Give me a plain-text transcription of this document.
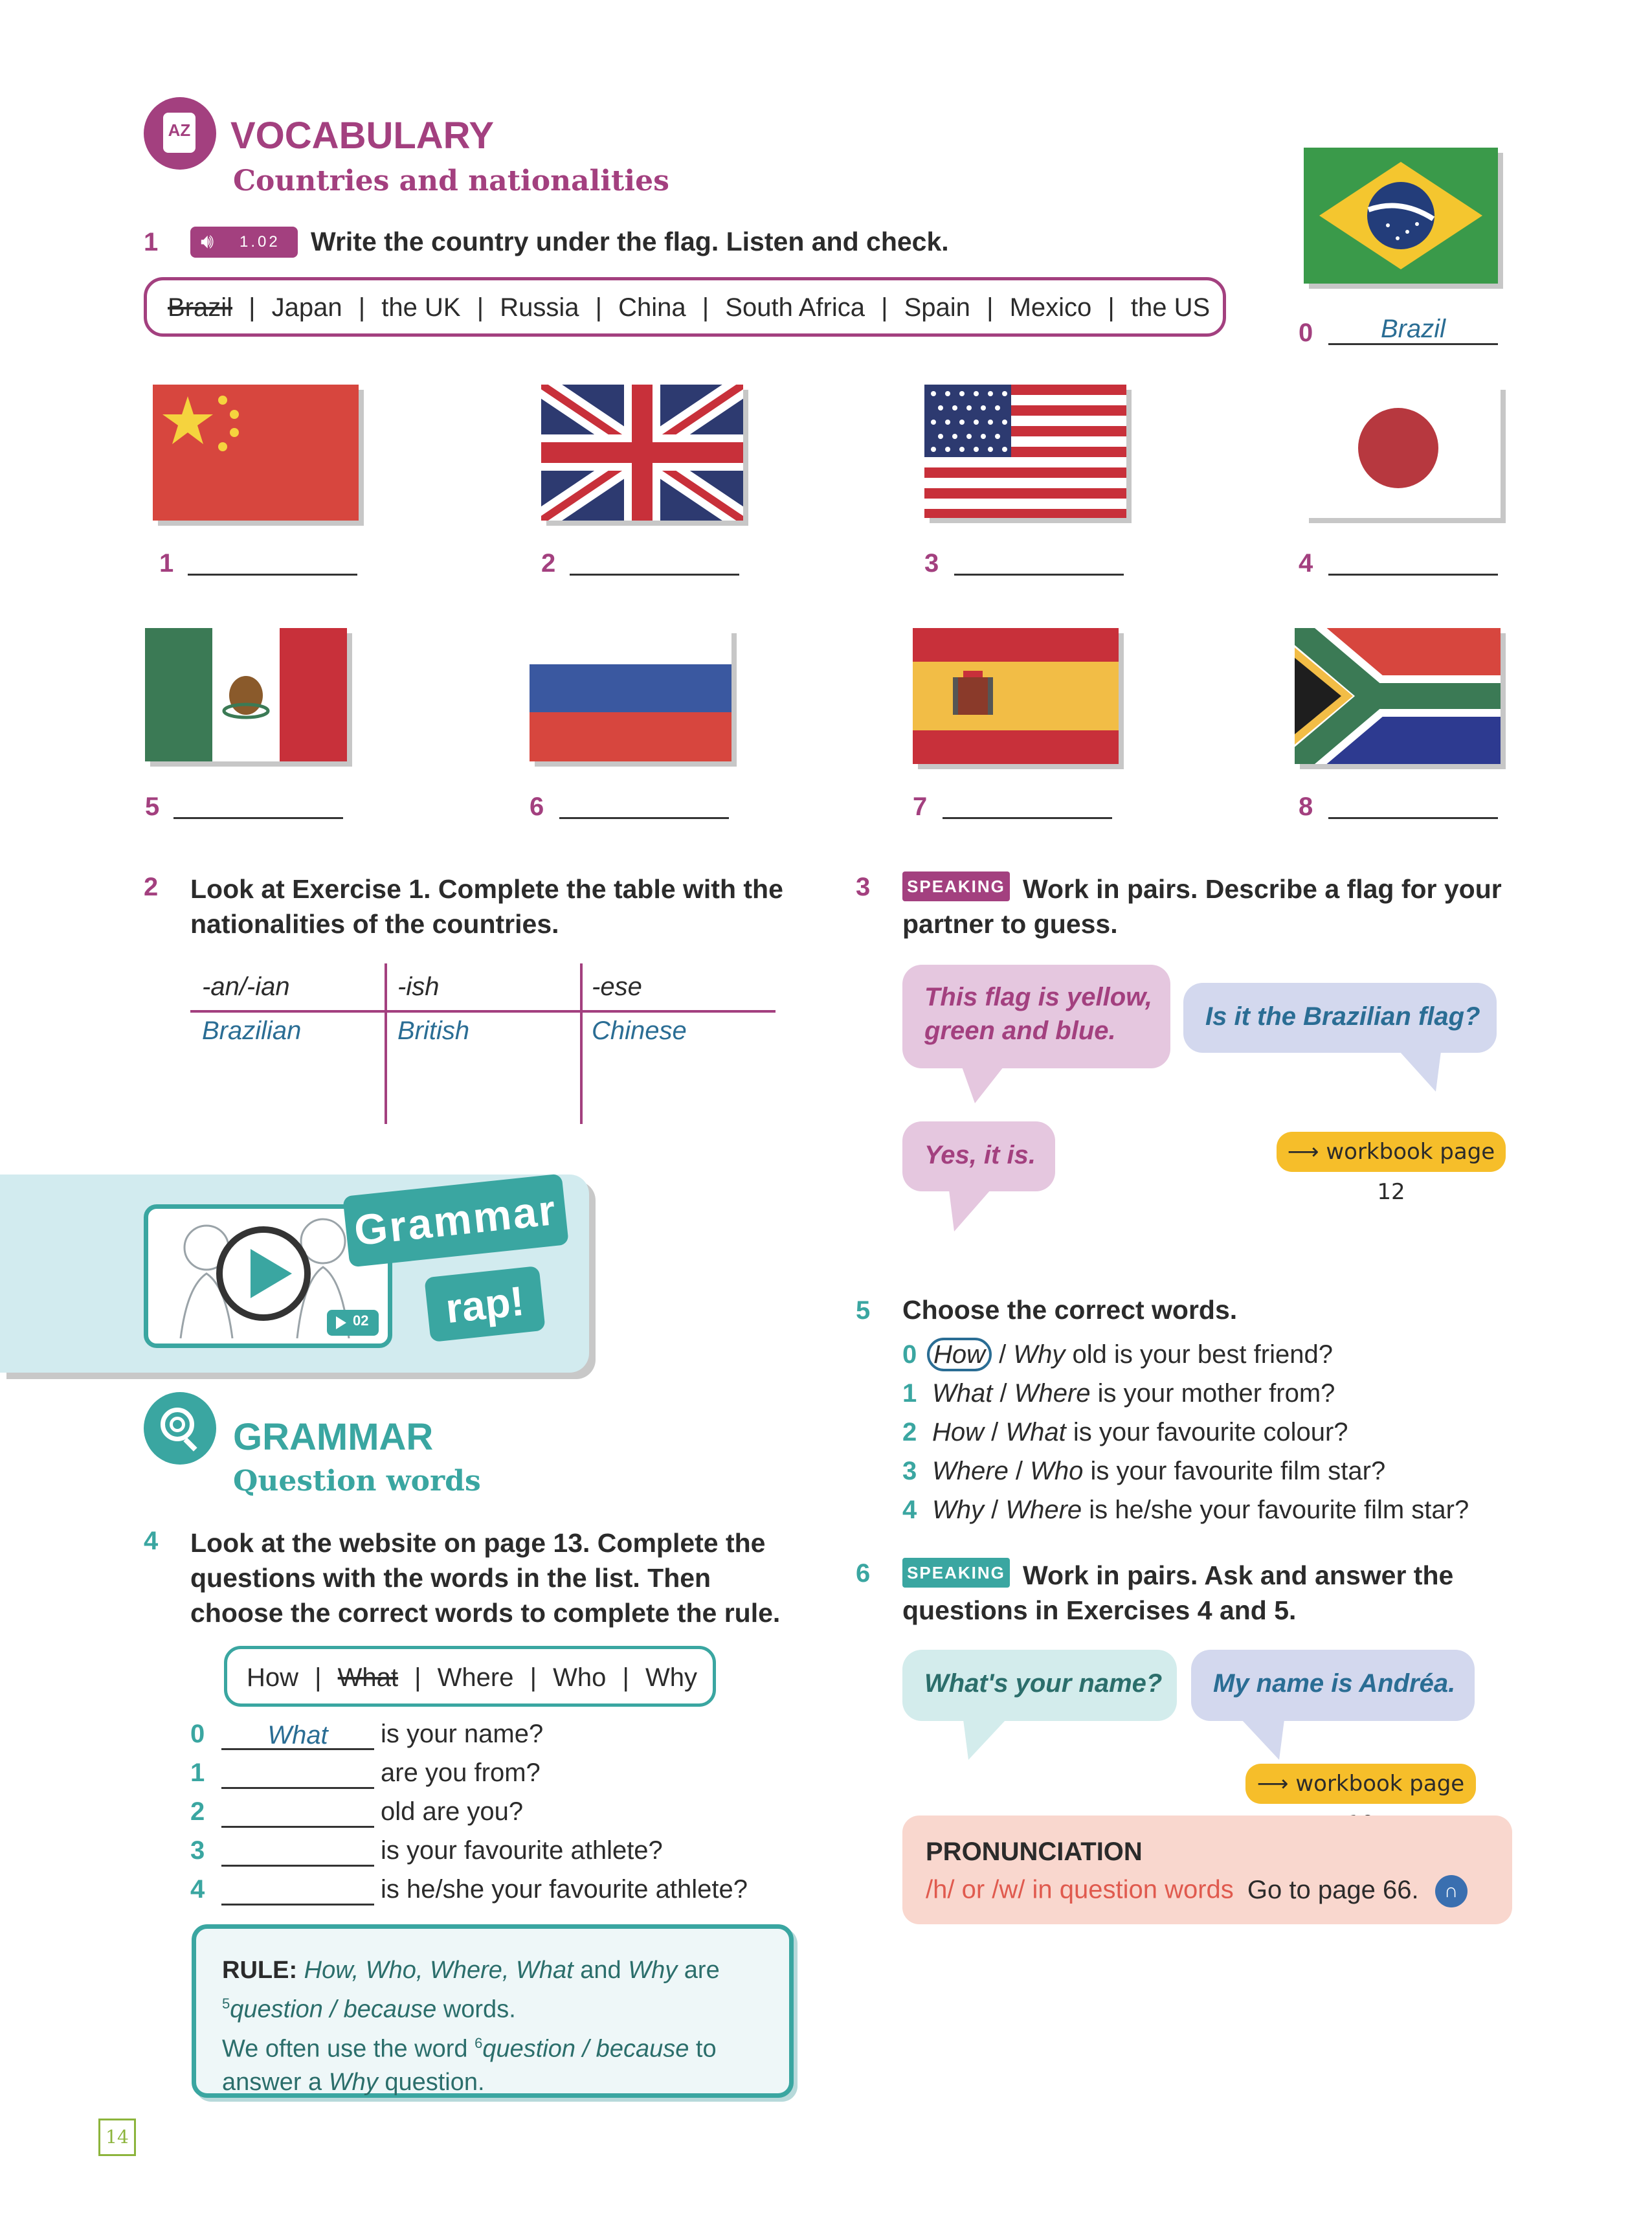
AZ VOCABULARY
Countries and nationalities
1 🔊︎ 1.02 Write the country under the flag. Listen and check.
Brazil | Japan | the UK | Russia | China | South Africa | Spain | Mexico | the US
0	Brazil
1	2	3	4
5	6	7	8
2 Look at Exercise 1. Complete the table with the nationalities of the countries.
-an/-ian	-ish	-ese
Brazilian	British	Chinese
3 SPEAKING Work in pairs. Describe a flag for your partner to guess.
This flag is yellow, green and blue.	Is it the Brazilian flag?
Yes, it is.	⟶ workbook page 12
02
Grammar
rap!
GRAMMAR
Question words
4 Look at the website on page 13. Complete the questions with the words in the list. Then choose the correct words to complete the rule.
How | What | Where | Who | Why
0	What	is your name?
1	are you from?
2	old are you?
3	is your favourite athlete?
4	is he/she your favourite athlete?
RULE: How, Who, Where, What and Why are
$^5$question / because words.
We often use the word $^6$question / because to
answer a Why question.
5 Choose the correct words.
0 How / Why old is your best friend?
1 What / Where is your mother from?
2 How / What is your favourite colour?
3 Where / Who is your favourite film star?
4 Why / Where is he/she your favourite film star?
6 SPEAKING Work in pairs. Ask and answer the questions in Exercises 4 and 5.
What's your name? My name is Andréa.
⟶ workbook page
PRONUNCIATION
/h/ or /w/ in question words Go to page 66. ∩
14
